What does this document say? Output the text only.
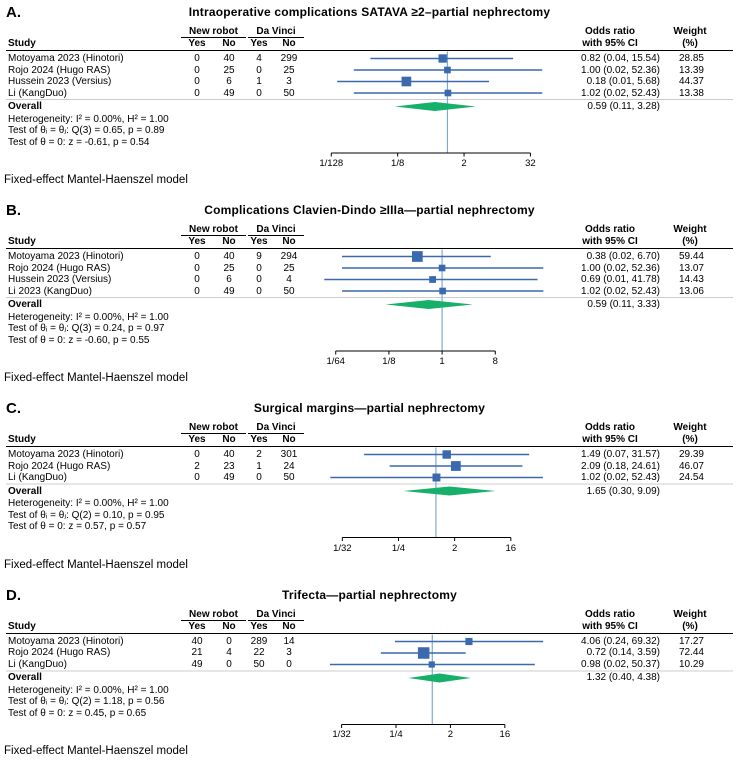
A.	Intraoperative complications SATAVA ≥2–partial nephrectomy
New robot	Da Vinci	Odds ratio	Weight
Study	Yes	No	Yes	No	with 95% CI	(%)
Motoyama 2023 (Hinotori)	0	40	4	299	0.82 (0.04, 15.54)	28.85
Rojo 2024 (Hugo RAS)	0	25	0	25	1.00 (0.02, 52.36)	13.39
Hussein 2023 (Versius)	0	6	1	3	0.18 (0.01, 5.68)	44.37
Li (KangDuo)	0	49	0	50	1.02 (0.02, 52.43)	13.38
Overall	0.59 (0.11, 3.28)
Heterogeneity: I² = 0.00%, H² = 1.00
Test of θᵢ = θⱼ: Q(3) = 0.65, p = 0.89
Test of θ = 0: z = -0.61, p = 0.54
1/128	1/8	2	32
Fixed-effect Mantel-Haenszel model
B.	Complications Clavien-Dindo ≥IIIa—partial nephrectomy
New robot	Da Vinci	Odds ratio	Weight
Study	Yes	No	Yes	No	with 95% CI	(%)
Motoyama 2023 (Hinotori)	0	40	9	294	0.38 (0.02, 6.70)	59.44
Rojo 2024 (Hugo RAS)	0	25	0	25	1.00 (0.02, 52.36)	13.07
Hussein 2023 (Versius)	0	6	0	4	0.69 (0.01, 41.78)	14.43
Li 2023 (KangDuo)	0	49	0	50	1.02 (0.02, 52.43)	13.06
Overall	0.59 (0.11, 3.33)
Heterogeneity: I² = 0.00%, H² = 1.00
Test of θᵢ = θⱼ: Q(3) = 0.24, p = 0.97
Test of θ = 0: z = -0.60, p = 0.55
1/64	1/8	1	8
Fixed-effect Mantel-Haenszel model
C.	Surgical margins—partial nephrectomy
New robot	Da Vinci	Odds ratio	Weight
Study	Yes	No	Yes	No	with 95% CI	(%)
Motoyama 2023 (Hinotori)	0	40	2	301	1.49 (0.07, 31.57)	29.39
Rojo 2024 (Hugo RAS)	2	23	1	24	2.09 (0.18, 24.61)	46.07
Li (KangDuo)	0	49	0	50	1.02 (0.02, 52.43)	24.54
Overall	1.65 (0.30, 9.09)
Heterogeneity: I² = 0.00%, H² = 1.00
Test of θᵢ = θⱼ: Q(2) = 0.10, p = 0.95
Test of θ = 0: z = 0.57, p = 0.57
1/32	1/4	2	16
Fixed-effect Mantel-Haenszel model
D.	Trifecta—partial nephrectomy
New robot	Da Vinci	Odds ratio	Weight
Study	Yes	No	Yes	No	with 95% CI	(%)
Motoyama 2023 (Hinotori)	40	0	289	14	4.06 (0.24, 69.32)	17.27
Rojo 2024 (Hugo RAS)	21	4	22	3	0.72 (0.14, 3.59)	72.44
Li (KangDuo)	49	0	50	0	0.98 (0.02, 50.37)	10.29
Overall	1.32 (0.40, 4.38)
Heterogeneity: I² = 0.00%, H² = 1.00
Test of θᵢ = θⱼ: Q(2) = 1.18, p = 0.56
Test of θ = 0: z = 0.45, p = 0.65
1/32	1/4	2	16
Fixed-effect Mantel-Haenszel model
